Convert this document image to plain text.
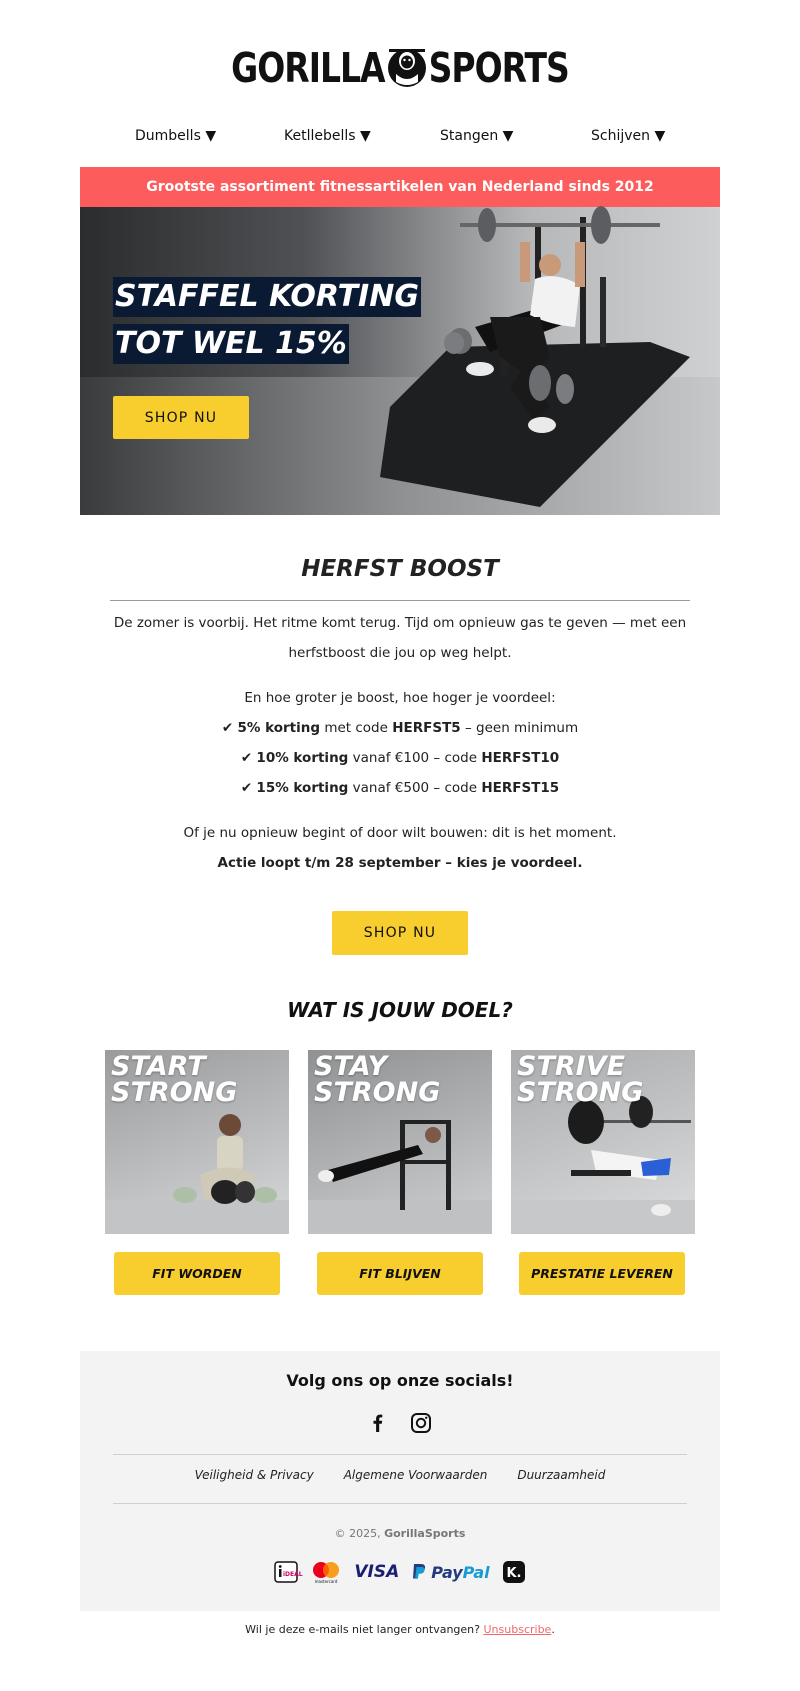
GORILLA SPORTS
Dumbells ▼	Ketllebells ▼	Stangen ▼	Schijven ▼
Grootste assortiment fitnessartikelen van Nederland sinds 2012
STAFFEL KORTING
TOT WEL 15%
SHOP NU
HERFST BOOST
De zomer is voorbij. Het ritme komt terug. Tijd om opnieuw gas te geven — met een herfstboost die jou op weg helpt.
En hoe groter je boost, hoe hoger je voordeel:
✔ 5% korting met code HERFST5 – geen minimum
✔ 10% korting vanaf €100 – code HERFST10
✔ 15% korting vanaf €500 – code HERFST15
Of je nu opnieuw begint of door wilt bouwen: dit is het moment.
Actie loopt t/m 28 september – kies je voordeel.
SHOP NU
WAT IS JOUW DOEL?
START
STRONG
STAY
STRONG
STRIVE
STRONG
FIT WORDEN	FIT BLIJVEN	PRESTATIE LEVEREN
Volg ons op onze socials!
Veiligheid & Privacy	Algemene Voorwaarden	Duurzaamheid
© 2025, GorillaSports
iDEAL
mastercard VISA Pay Pal K.
Wil je deze e-mails niet langer ontvangen? Unsubscribe.
